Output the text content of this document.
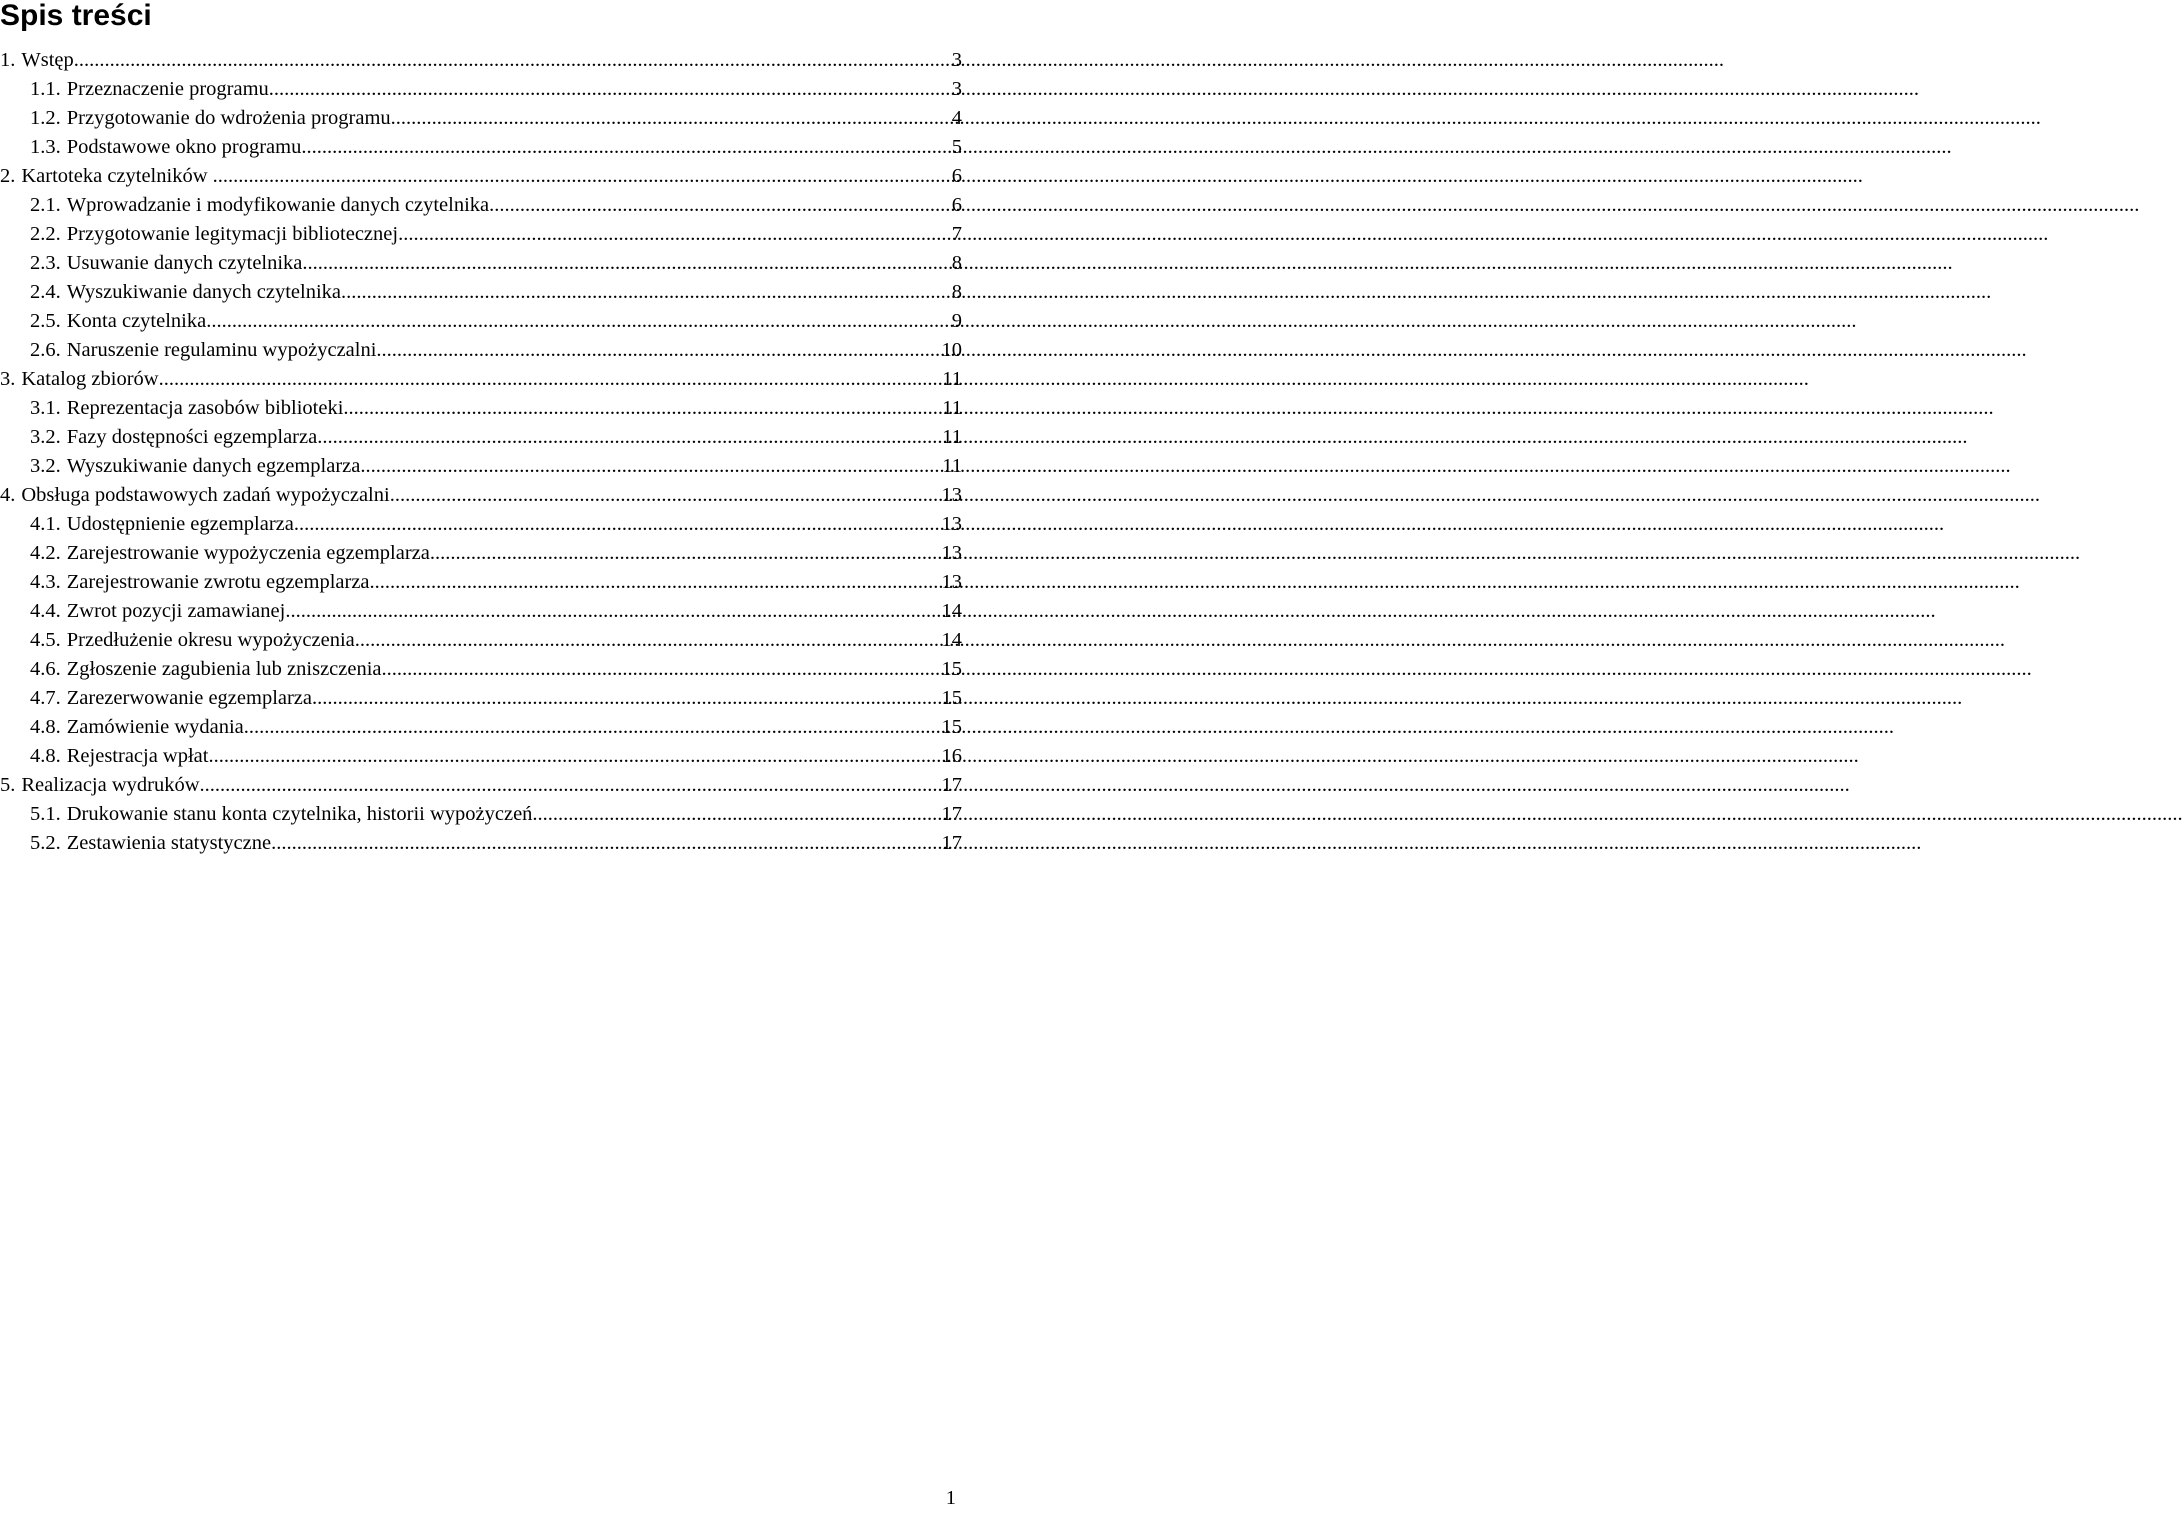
Spis treści
1. Wstęp .....	3
1.1. Przeznaczenie programu .....	3
1.2. Przygotowanie do wdrożenia programu .....	4
1.3. Podstawowe okno programu .....	5
2. Kartoteka czytelników .....	6
2.1. Wprowadzanie i modyfikowanie danych czytelnika .....	6
2.2. Przygotowanie legitymacji bibliotecznej .....	7
2.3. Usuwanie danych czytelnika .....	8
2.4. Wyszukiwanie danych czytelnika .....	8
2.5. Konta czytelnika .....	9
2.6. Naruszenie regulaminu wypożyczalni .....	10
3. Katalog zbiorów .....	11
3.1. Reprezentacja zasobów biblioteki .....	11
3.2. Fazy dostępności egzemplarza .....	11
3.2. Wyszukiwanie danych egzemplarza .....	11
4. Obsługa podstawowych zadań wypożyczalni .....	13
4.1. Udostępnienie egzemplarza .....	13
4.2. Zarejestrowanie wypożyczenia egzemplarza .....	13
4.3. Zarejestrowanie zwrotu egzemplarza .....	13
4.4. Zwrot pozycji zamawianej .....	14
4.5. Przedłużenie okresu wypożyczenia .....	14
4.6. Zgłoszenie zagubienia lub zniszczenia .....	15
4.7. Zarezerwowanie egzemplarza .....	15
4.8. Zamówienie wydania .....	15
4.8. Rejestracja wpłat .....	16
5. Realizacja wydruków .....	17
5.1. Drukowanie stanu konta czytelnika, historii wypożyczeń .....	17
5.2. Zestawienia statystyczne .....	17
1
